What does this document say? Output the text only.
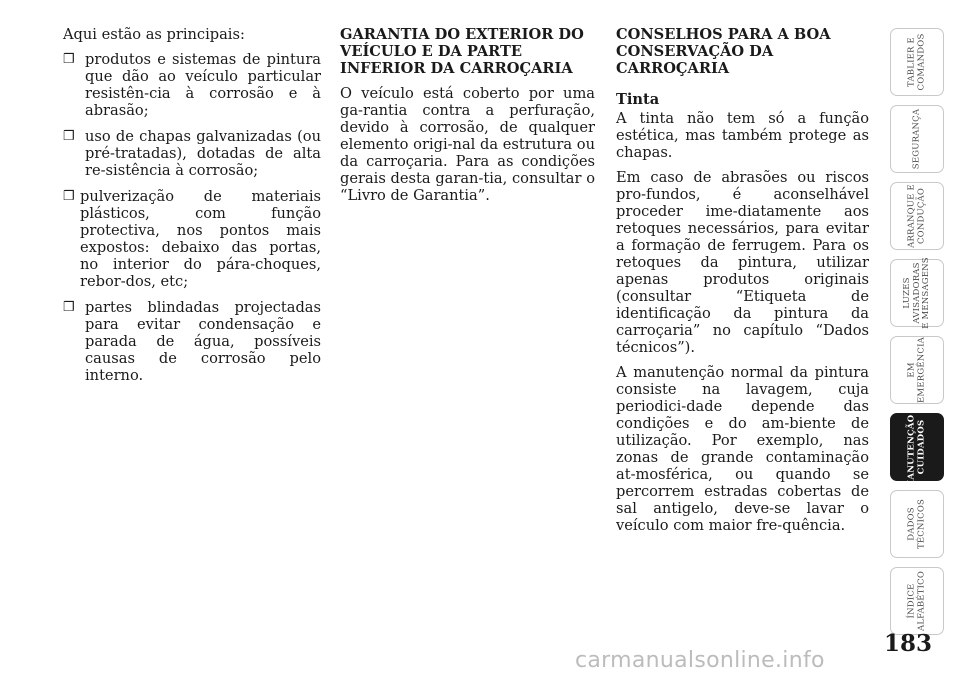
Aqui estão as principais:

❒ produtos e sistemas de pintura que dão ao veículo particular resistên-cia à corrosão e à abrasão;
❒ uso de chapas galvanizadas (ou pré-tratadas), dotadas de alta re-sistência à corrosão;
❒ pulverização de materiais plásticos, com função protectiva, nos pontos mais expostos: debaixo das portas, no interior do pára-choques, rebor-dos, etc;
❒ partes blindadas projectadas para evitar condensação e parada de água, possíveis causas de corrosão pelo interno.
GARANTIA DO EXTERIOR DO VEÍCULO E DA PARTE INFERIOR DA CARROÇARIA

O veículo está coberto por uma ga-rantia contra a perfuração, devido à corrosão, de qualquer elemento origi-nal da estrutura ou da carroçaria. Para as condições gerais desta garan-tia, consultar o “Livro de Garantia”.

CONSELHOS PARA A BOA CONSERVAÇÃO DA CARROÇARIA
Tinta

A tinta não tem só a função estética, mas também protege as chapas.

Em caso de abrasões ou riscos pro-fundos, é aconselhável proceder ime-diatamente aos retoques necessários, para evitar a formação de ferrugem. Para os retoques da pintura, utilizar apenas produtos originais (consultar “Etiqueta de identificação da pintura da carroçaria” no capítulo “Dados técnicos”).

A manutenção normal da pintura consiste na lavagem, cuja periodici-dade depende das condições e do am-biente de utilização. Por exemplo, nas zonas de grande contaminação at-mosférica, ou quando se percorrem estradas cobertas de sal antigelo, deve-se lavar o veículo com maior fre-quência.

TABLIER E
COMANDOS
SEGURANÇA
ARRANQUE E
CONDUÇÃO
LUZES
AVISADORAS
E MENSAGENS
EM
EMERGÊNCIA
MANUTENÇÃO E
CUIDADOS
DADOS
TÉCNICOS
ÍNDICE
ALFABÉTICO
183
carmanualsonline.info
